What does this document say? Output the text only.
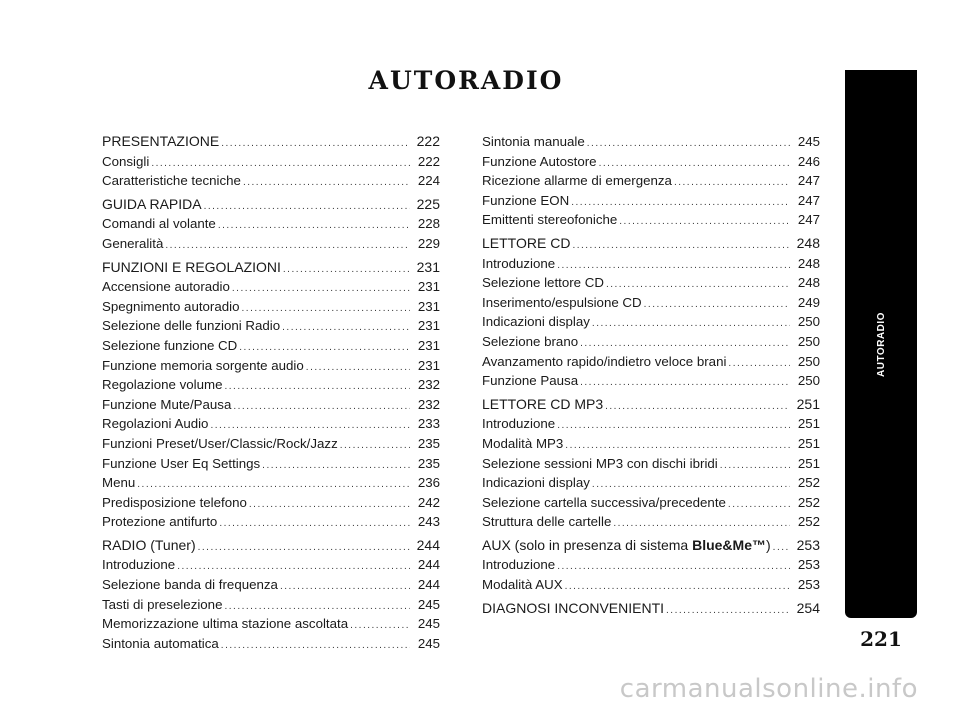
AUTORADIO
PRESENTAZIONE .....	222
Consigli .....	222
Caratteristiche tecniche .....	224
GUIDA RAPIDA .....	225
Comandi al volante .....	228
Generalità .....	229
FUNZIONI E REGOLAZIONI .....	231
Accensione autoradio .....	231
Spegnimento autoradio .....	231
Selezione delle funzioni Radio .....	231
Selezione funzione CD .....	231
Funzione memoria sorgente audio .....	231
Regolazione volume .....	232
Funzione Mute/Pausa .....	232
Regolazioni Audio .....	233
Funzioni Preset/User/Classic/Rock/Jazz .....	235
Funzione User Eq Settings .....	235
Menu .....	236
Predisposizione telefono .....	242
Protezione antifurto .....	243
RADIO (Tuner) .....	244
Introduzione .....	244
Selezione banda di frequenza .....	244
Tasti di preselezione .....	245
Memorizzazione ultima stazione ascoltata .....	245
Sintonia automatica .....	245
Sintonia manuale .....	245
Funzione Autostore .....	246
Ricezione allarme di emergenza .....	247
Funzione EON .....	247
Emittenti stereofoniche .....	247
LETTORE CD .....	248
Introduzione .....	248
Selezione lettore CD .....	248
Inserimento/espulsione CD .....	249
Indicazioni display .....	250
Selezione brano .....	250
Avanzamento rapido/indietro veloce brani .....	250
Funzione Pausa .....	250
LETTORE CD MP3 .....	251
Introduzione .....	251
Modalità MP3 .....	251
Selezione sessioni MP3 con dischi ibridi .....	251
Indicazioni display .....	252
Selezione cartella successiva/precedente .....	252
Struttura delle cartelle .....	252
AUX (solo in presenza di sistema Blue&Me™) ..... 253
Introduzione .....	253
Modalità AUX .....	253
DIAGNOSI INCONVENIENTI .....	254
AUTORADIO
221
carmanualsonline.info
